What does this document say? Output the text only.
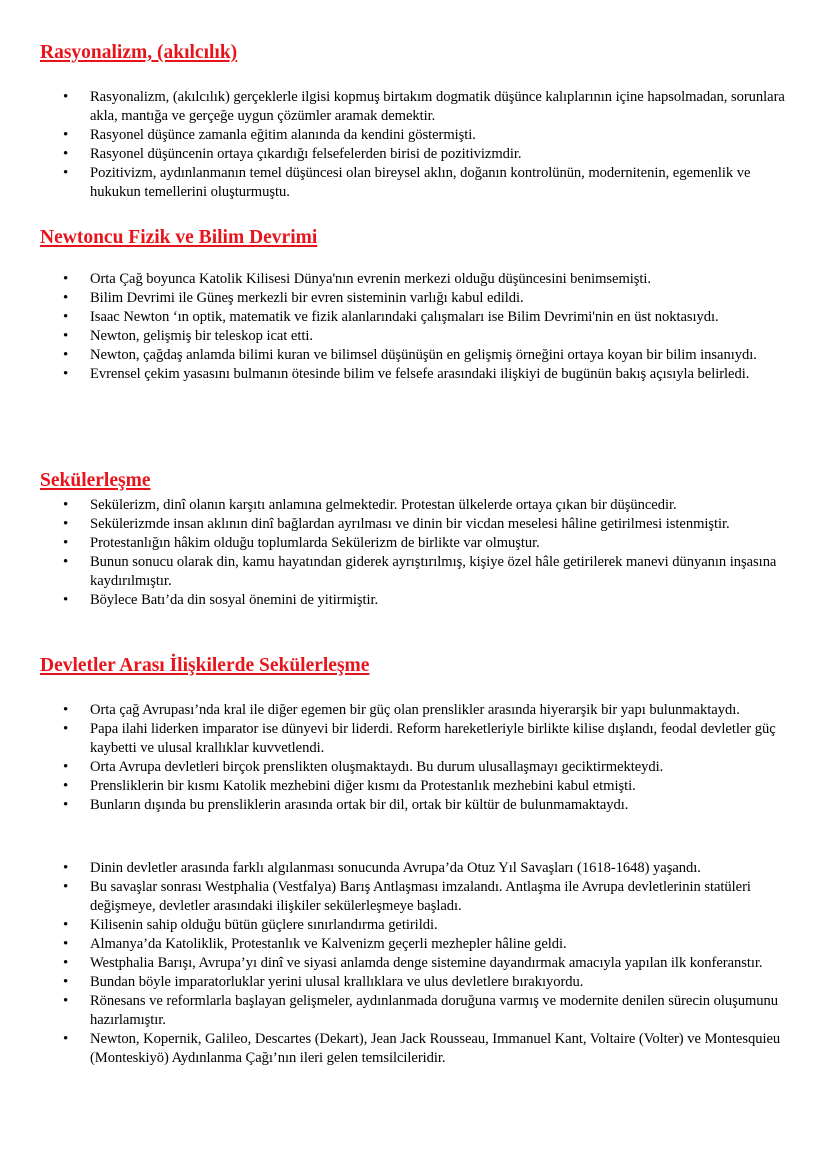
Rasyonalizm, (akılcılık)
• Rasyonalizm, (akılcılık) gerçeklerle ilgisi kopmuş birtakım dogmatik düşünce kalıplarının içine hapsolmadan, sorunlara akla, mantığa ve gerçeğe uygun çözümler aramak demektir.
• Rasyonel düşünce zamanla eğitim alanında da kendini göstermişti.
• Rasyonel düşüncenin ortaya çıkardığı felsefelerden birisi de pozitivizmdir.
• Pozitivizm, aydınlanmanın temel düşüncesi olan bireysel aklın, doğanın kontrolünün, modernitenin, egemenlik ve hukukun temellerini oluşturmuştu.
Newtoncu Fizik ve Bilim Devrimi
• Orta Çağ boyunca Katolik Kilisesi Dünya'nın evrenin merkezi olduğu düşüncesini benimsemişti.
• Bilim Devrimi ile Güneş merkezli bir evren sisteminin varlığı kabul edildi.
• Isaac Newton ‘ın optik, matematik ve fizik alanlarındaki çalışmaları ise Bilim Devrimi'nin en üst noktasıydı.
• Newton, gelişmiş bir teleskop icat etti.
• Newton, çağdaş anlamda bilimi kuran ve bilimsel düşünüşün en gelişmiş örneğini ortaya koyan bir bilim insanıydı.
• Evrensel çekim yasasını bulmanın ötesinde bilim ve felsefe arasındaki ilişkiyi de bugünün bakış açısıyla belirledi.
Sekülerleşme
• Sekülerizm, dinî olanın karşıtı anlamına gelmektedir. Protestan ülkelerde ortaya çıkan bir düşüncedir.
• Sekülerizmde insan aklının dinî bağlardan ayrılması ve dinin bir vicdan meselesi hâline getirilmesi istenmiştir.
• Protestanlığın hâkim olduğu toplumlarda Sekülerizm de birlikte var olmuştur.
• Bunun sonucu olarak din, kamu hayatından giderek ayrıştırılmış, kişiye özel hâle getirilerek manevi dünyanın inşasına kaydırılmıştır.
• Böylece Batı’da din sosyal önemini de yitirmiştir.
Devletler Arası İlişkilerde Sekülerleşme
• Orta çağ Avrupası’nda kral ile diğer egemen bir güç olan prenslikler arasında hiyerarşik bir yapı bulunmaktaydı.
• Papa ilahi liderken imparator ise dünyevi bir liderdi. Reform hareketleriyle birlikte kilise dışlandı, feodal devletler güç kaybetti ve ulusal krallıklar kuvvetlendi.
• Orta Avrupa devletleri birçok prenslikten oluşmaktaydı. Bu durum ulusallaşmayı geciktirmekteydi.
• Prensliklerin bir kısmı Katolik mezhebini diğer kısmı da Protestanlık mezhebini kabul etmişti.
• Bunların dışında bu prensliklerin arasında ortak bir dil, ortak bir kültür de bulunmamaktaydı.
• Dinin devletler arasında farklı algılanması sonucunda Avrupa’da Otuz Yıl Savaşları (1618-1648) yaşandı.
• Bu savaşlar sonrası Westphalia (Vestfalya) Barış Antlaşması imzalandı. Antlaşma ile Avrupa devletlerinin statüleri değişmeye, devletler arasındaki ilişkiler sekülerleşmeye başladı.
• Kilisenin sahip olduğu bütün güçlere sınırlandırma getirildi.
• Almanya’da Katoliklik, Protestanlık ve Kalvenizm geçerli mezhepler hâline geldi.
• Westphalia Barışı, Avrupa’yı dinî ve siyasi anlamda denge sistemine dayandırmak amacıyla yapılan ilk konferanstır.
• Bundan böyle imparatorluklar yerini ulusal krallıklara ve ulus devletlere bırakıyordu.
• Rönesans ve reformlarla başlayan gelişmeler, aydınlanmada doruğuna varmış ve modernite denilen sürecin oluşumunu hazırlamıştır.
• Newton, Kopernik, Galileo, Descartes (Dekart), Jean Jack Rousseau, Immanuel Kant, Voltaire (Volter) ve Montesquieu (Monteskiyö) Aydınlanma Çağı’nın ileri gelen temsilcileridir.
